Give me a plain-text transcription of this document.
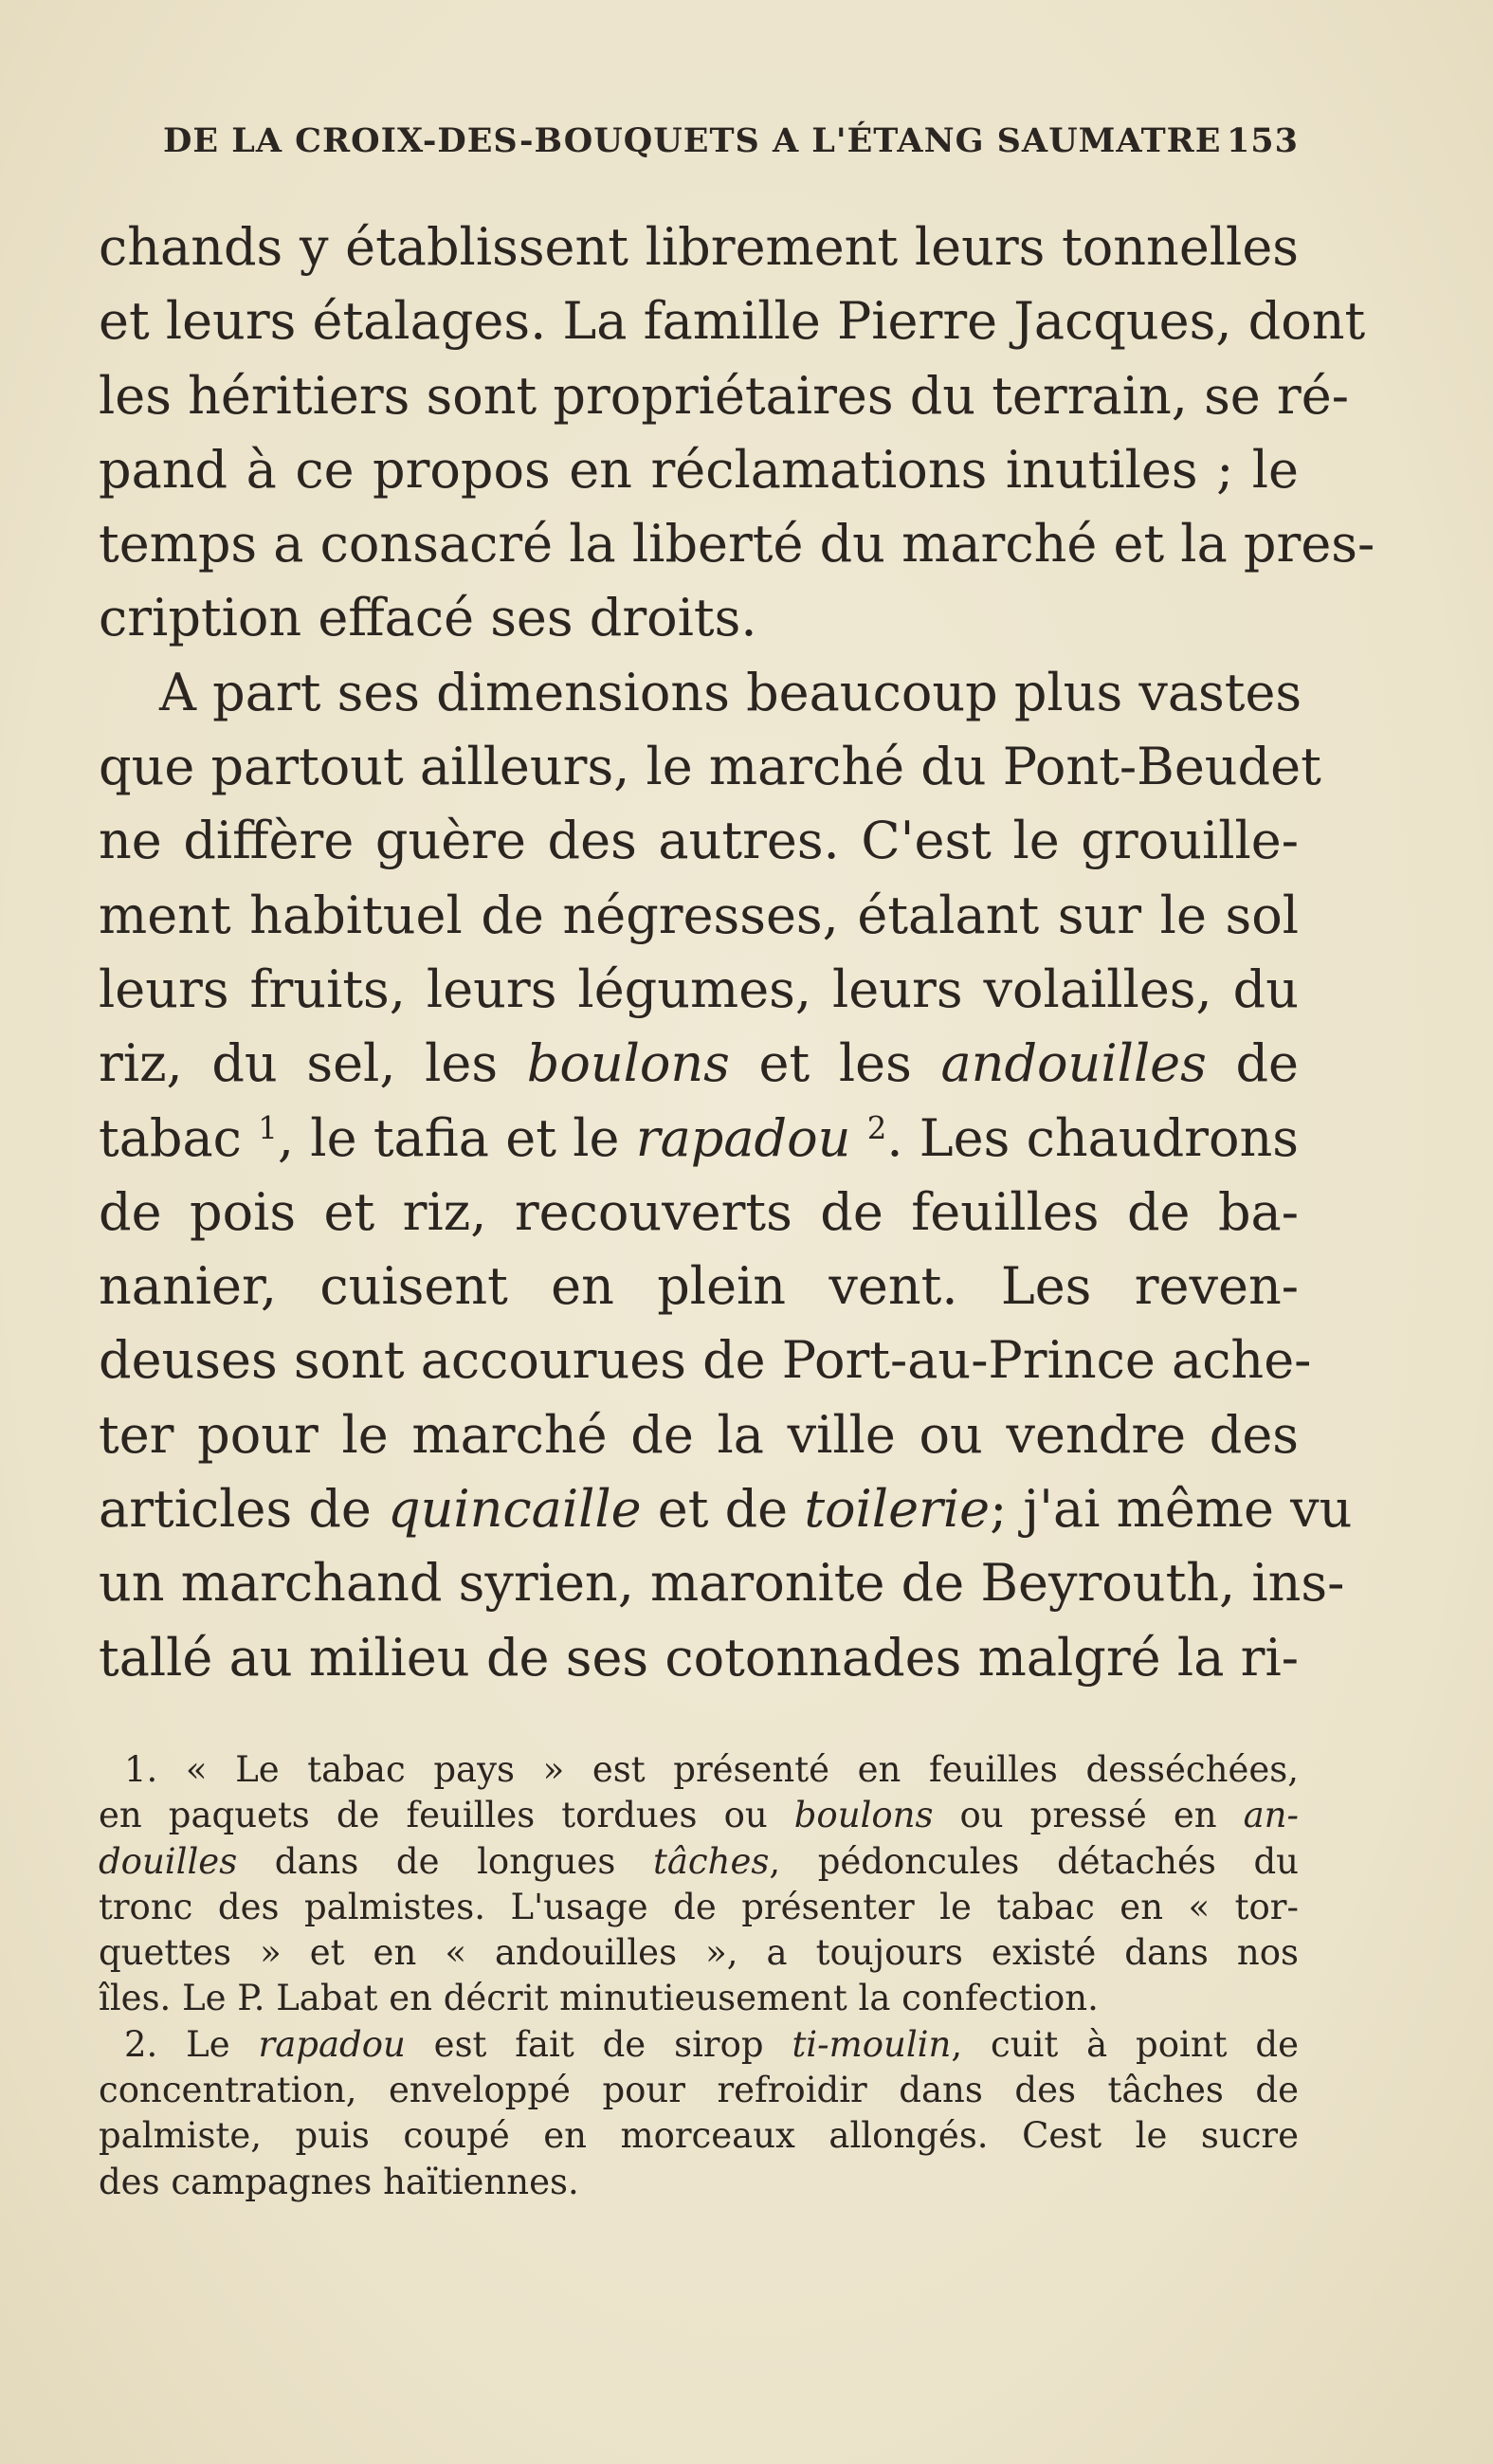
DE LA CROIX-DES-BOUQUETS A L'ÉTANG SAUMATRE 153
chands y établissent librement leurs tonnelles
et leurs étalages. La famille Pierre Jacques, dont
les héritiers sont propriétaires du terrain, se ré-
pand à ce propos en réclamations inutiles ; le
temps a consacré la liberté du marché et la pres-
cription effacé ses droits.
A part ses dimensions beaucoup plus vastes
que partout ailleurs, le marché du Pont-Beudet
ne diffère guère des autres. C'est le grouille-
ment habituel de négresses, étalant sur le sol
leurs fruits, leurs légumes, leurs volailles, du
riz, du sel, les boulons et les andouilles de
tabac $^1$, le tafia et le rapadou $^2$. Les chaudrons
de pois et riz, recouverts de feuilles de ba-
nanier, cuisent en plein vent. Les reven-
deuses sont accourues de Port-au-Prince ache-
ter pour le marché de la ville ou vendre des
articles de quincaille et de toilerie; j'ai même vu
un marchand syrien, maronite de Beyrouth, ins-
tallé au milieu de ses cotonnades malgré la ri-
1. « Le tabac pays » est présenté en feuilles desséchées,
en paquets de feuilles tordues ou boulons ou pressé en an-
douilles dans de longues tâches, pédoncules détachés du
tronc des palmistes. L'usage de présenter le tabac en « tor-
quettes » et en « andouilles », a toujours existé dans nos
îles. Le P. Labat en décrit minutieusement la confection.
2. Le rapadou est fait de sirop ti-moulin, cuit à point de
concentration, enveloppé pour refroidir dans des tâches de
palmiste, puis coupé en morceaux allongés. Cest le sucre
des campagnes haïtiennes.
